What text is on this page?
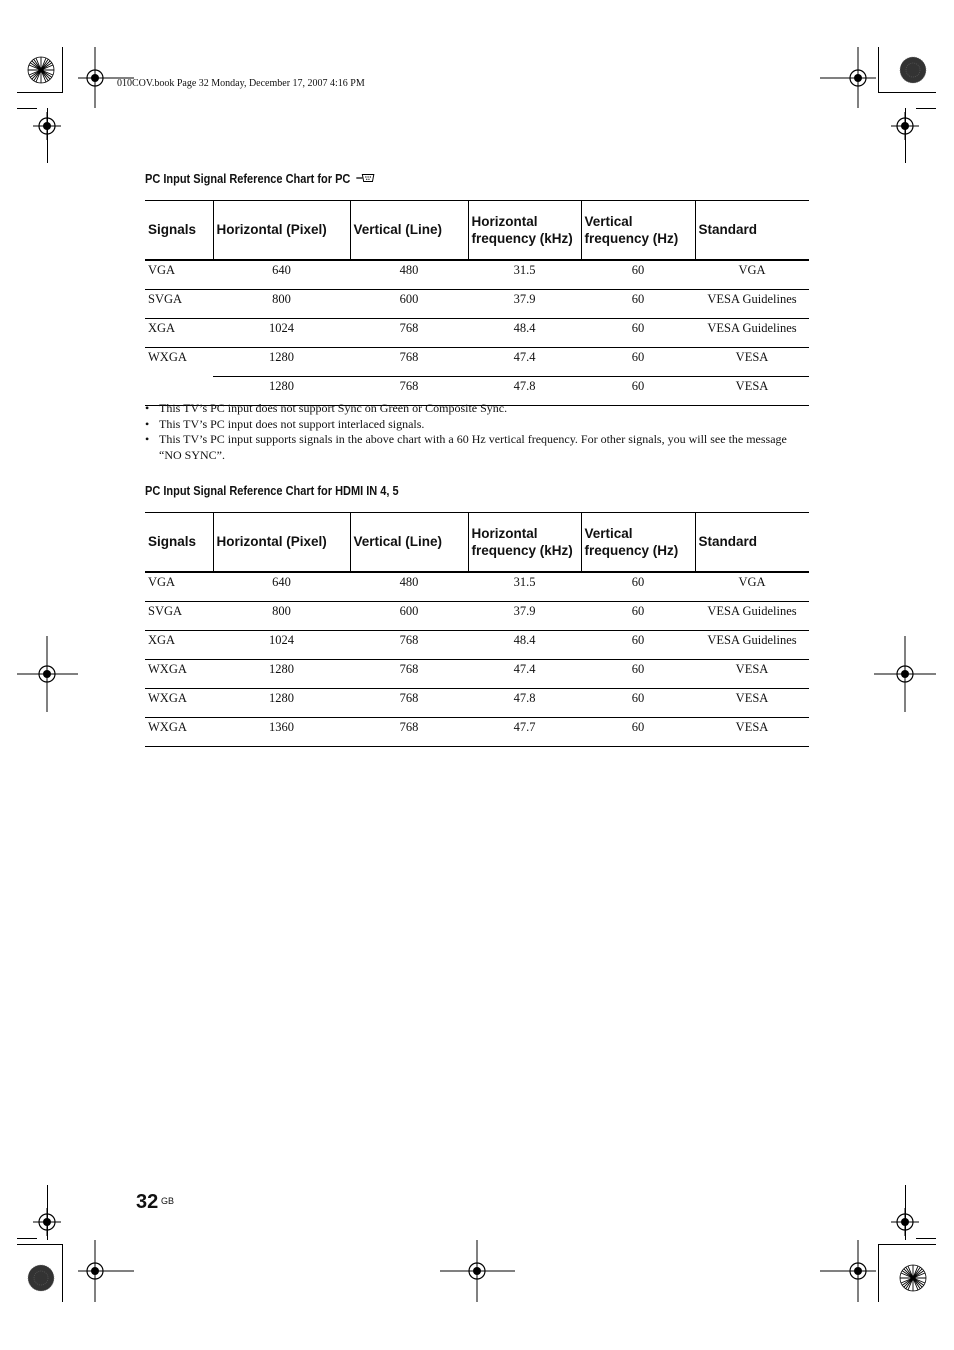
010COV.book Page 32 Monday, December 17, 2007 4:16 PM
PC Input Signal Reference Chart for PC
Signals	Horizontal (Pixel)	Vertical (Line)	Horizontal frequency (kHz)	Vertical frequency (Hz)	Standard
VGA	640	480	31.5	60	VGA
SVGA	800	600	37.9	60	VESA Guidelines
XGA	1024	768	48.4	60	VESA Guidelines
WXGA	1280	768	47.4	60	VESA
	1280	768	47.8	60	VESA
• This TV’s PC input does not support Sync on Green or Composite Sync.
• This TV’s PC input does not support interlaced signals.
• This TV’s PC input supports signals in the above chart with a 60 Hz vertical frequency. For other signals, you will see the message “NO SYNC”.
PC Input Signal Reference Chart for HDMI IN 4, 5
Signals	Horizontal (Pixel)	Vertical (Line)	Horizontal frequency (kHz)	Vertical frequency (Hz)	Standard
VGA	640	480	31.5	60	VGA
SVGA	800	600	37.9	60	VESA Guidelines
XGA	1024	768	48.4	60	VESA Guidelines
WXGA	1280	768	47.4	60	VESA
WXGA	1280	768	47.8	60	VESA
WXGA	1360	768	47.7	60	VESA
32 GB
